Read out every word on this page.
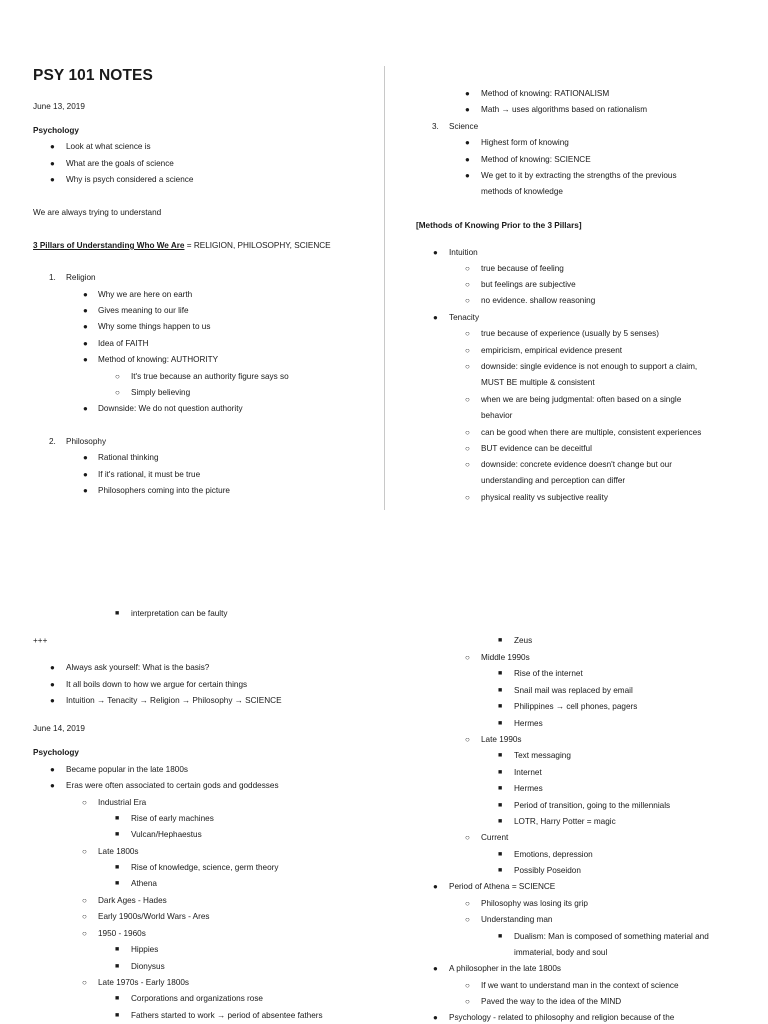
PSY 101 NOTES
June 13, 2019
Psychology
● Look at what science is
● What are the goals of science
● Why is psych considered a science
We are always trying to understand
3 Pillars of Understanding Who We Are = RELIGION, PHILOSOPHY, SCIENCE
1. Religion
● Why we are here on earth
● Gives meaning to our life
● Why some things happen to us
● Idea of FAITH
● Method of knowing: AUTHORITY
○ It's true because an authority figure says so
○ Simply believing
● Downside: We do not question authority
2. Philosophy
● Rational thinking
● If it's rational, it must be true
● Philosophers coming into the picture
● Method of knowing: RATIONALISM
● Math → uses algorithms based on rationalism
3. Science
● Highest form of knowing
● Method of knowing: SCIENCE
● We get to it by extracting the strengths of the previous
methods of knowledge
[Methods of Knowing Prior to the 3 Pillars]
● Intuition
○ true because of feeling
○ but feelings are subjective
○ no evidence. shallow reasoning
● Tenacity
○ true because of experience (usually by 5 senses)
○ empiricism, empirical evidence present
○ downside: single evidence is not enough to support a claim,
MUST BE multiple & consistent
○ when we are being judgmental: often based on a single
behavior
○ can be good when there are multiple, consistent experiences
○ BUT evidence can be deceitful
○ downside: concrete evidence doesn't change but our
understanding and perception can differ
○ physical reality vs subjective reality
■ interpretation can be faulty
+++
● Always ask yourself: What is the basis?
● It all boils down to how we argue for certain things
● Intuition → Tenacity → Religion → Philosophy → SCIENCE
June 14, 2019
Psychology
● Became popular in the late 1800s
● Eras were often associated to certain gods and goddesses
○ Industrial Era
■ Rise of early machines
■ Vulcan/Hephaestus
○ Late 1800s
■ Rise of knowledge, science, germ theory
■ Athena
○ Dark Ages - Hades
○ Early 1900s/World Wars - Ares
○ 1950 - 1960s
■ Hippies
■ Dionysus
○ Late 1970s - Early 1800s
■ Corporations and organizations rose
■ Fathers started to work → period of absentee fathers
■ Zeus
○ Middle 1990s
■ Rise of the internet
■ Snail mail was replaced by email
■ Philippines → cell phones, pagers
■ Hermes
○ Late 1990s
■ Text messaging
■ Internet
■ Hermes
■ Period of transition, going to the millennials
■ LOTR, Harry Potter = magic
○ Current
■ Emotions, depression
■ Possibly Poseidon
● Period of Athena = SCIENCE
○ Philosophy was losing its grip
○ Understanding man
■ Dualism: Man is composed of something material and
immaterial, body and soul
● A philosopher in the late 1800s
○ If we want to understand man in the context of science
○ Paved the way to the idea of the MIND
● Psychology - related to philosophy and religion because of the
